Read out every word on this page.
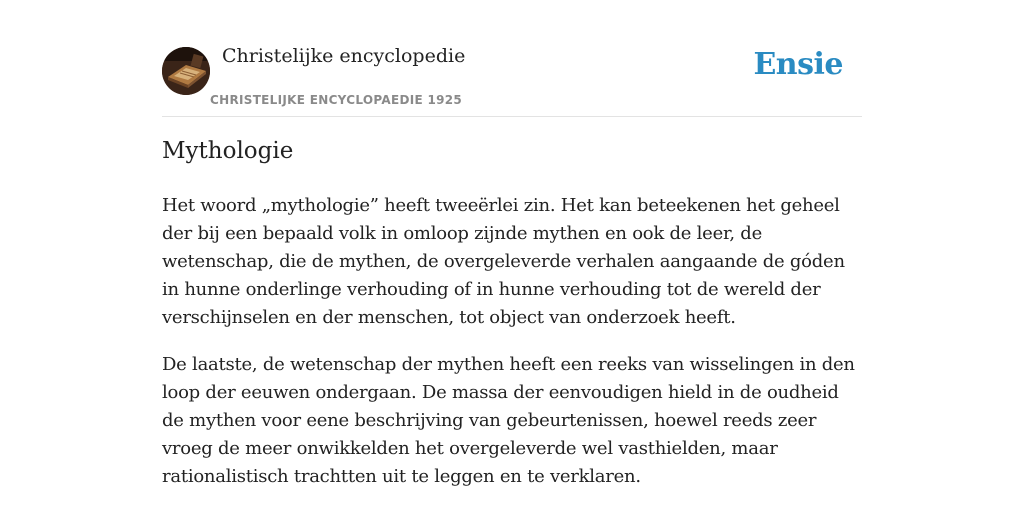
Christelijke encyclopedie
CHRISTELIJKE ENCYCLOPAEDIE 1925
Ensie
Mythologie

Het woord „mythologie” heeft tweeërlei zin. Het kan beteekenen het geheel der bij een bepaald volk in omloop zijnde mythen en ook de leer, de wetenschap, die de mythen, de overgeleverde verhalen aangaande de góden in hunne onderlinge verhouding of in hunne verhouding tot de wereld der verschijnselen en der menschen, tot object van onderzoek heeft.

De laatste, de wetenschap der mythen heeft een reeks van wisselingen in den loop der eeuwen ondergaan. De massa der eenvoudigen hield in de oudheid de mythen voor eene beschrijving van gebeurtenissen, hoewel reeds zeer vroeg de meer onwikkelden het overgeleverde wel vasthielden, maar rationalistisch trachtten uit te leggen en te verklaren.
